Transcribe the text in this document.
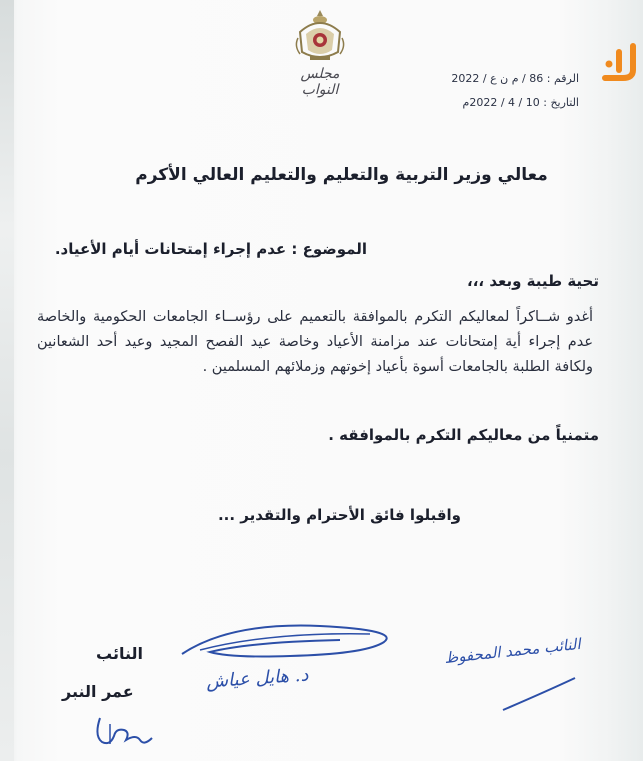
مجلس النواب
الرقم : 86 / م ن ع / 2022
التاريخ : 10 / 4 / 2022م
معالي وزير التربية والتعليم والتعليم العالي الأكرم
الموضوع : عدم إجراء إمتحانات أيام الأعياد.
تحية طيبة وبعد ،،،
أغدو شــاكراً لمعاليكم التكرم بالموافقة بالتعميم على رؤســاء الجامعات الحكومية والخاصة عدم إجراء أية إمتحانات عند مزامنة الأعياد وخاصة عيد الفصح المجيد وعيد أحد الشعانين ولكافة الطلبة بالجامعات أسوة بأعياد إخوتهم وزملائهم المسلمين .
متمنياً من معاليكم التكرم بالموافقه .
واقبلوا فائق الأحترام والتقدير ...
النائب
عمر النبر	د. هايل عياش
النائب محمد المحفوظ
